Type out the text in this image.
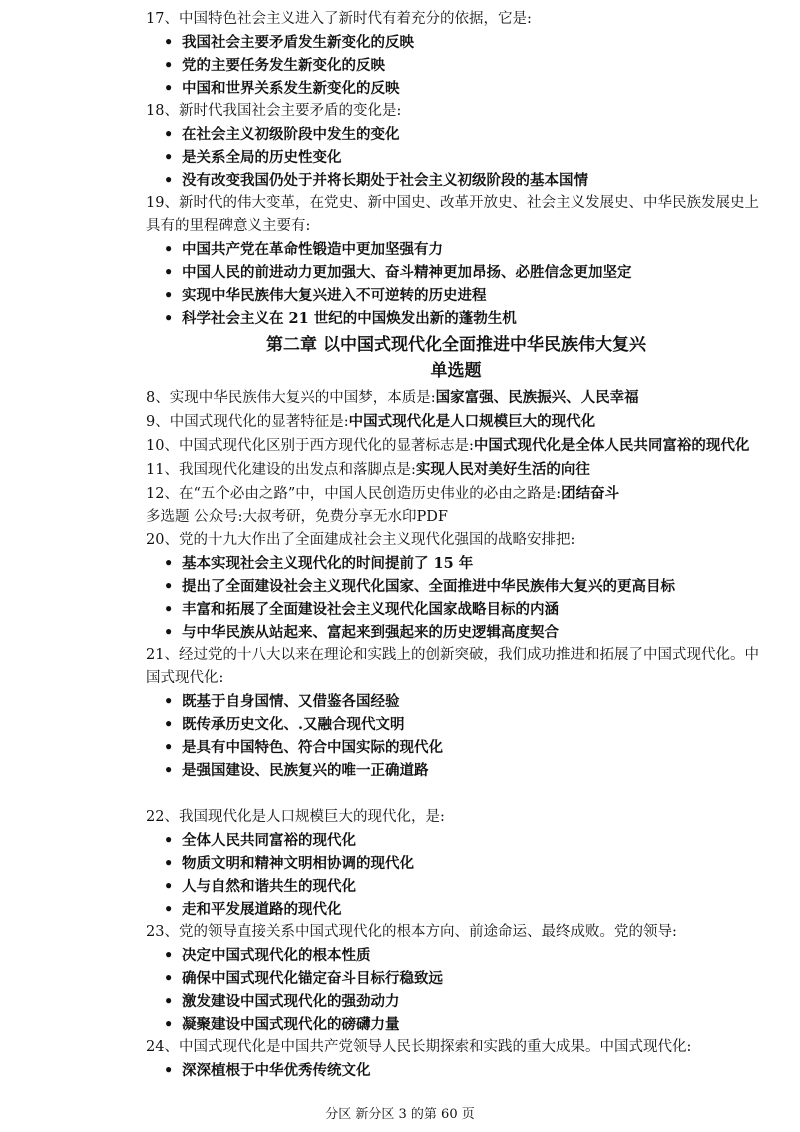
17、中国特色社会主义进入了新时代有着充分的依据，它是:

• 我国社会主要矛盾发生新变化的反映
• 党的主要任务发生新变化的反映
• 中国和世界关系发生新变化的反映

18、新时代我国社会主要矛盾的变化是:

• 在社会主义初级阶段中发生的变化
• 是关系全局的历史性变化
• 没有改变我国仍处于并将长期处于社会主义初级阶段的基本国情

19、新时代的伟大变革，在党史、新中国史、改革开放史、社会主义发展史、中华民族发展史上具有的里程碑意义主要有:

• 中国共产党在革命性锻造中更加坚强有力
• 中国人民的前进动力更加强大、奋斗精神更加昂扬、必胜信念更加坚定
• 实现中华民族伟大复兴进入不可逆转的历史进程
• 科学社会主义在 21 世纪的中国焕发出新的蓬勃生机
第二章 以中国式现代化全面推进中华民族伟大复兴
单选题

8、实现中华民族伟大复兴的中国梦，本质是:国家富强、民族振兴、人民幸福

9、中国式现代化的显著特征是:中国式现代化是人口规模巨大的现代化

10、中国式现代化区别于西方现代化的显著标志是:中国式现代化是全体人民共同富裕的现代化11、我国现代化建设的出发点和落脚点是:实现人民对美好生活的向往

12、在“五个必由之路”中，中国人民创造历史伟业的必由之路是:团结奋斗

多选题 公众号:大叔考研，免费分享无水印PDF

20、党的十九大作出了全面建成社会主义现代化强国的战略安排把:

• 基本实现社会主义现代化的时间提前了 15 年
• 提出了全面建设社会主义现代化国家、全面推进中华民族伟大复兴的更高目标
• 丰富和拓展了全面建设社会主义现代化国家战略目标的内涵
• 与中华民族从站起来、富起来到强起来的历史逻辑高度契合

21、经过党的十八大以来在理论和实践上的创新突破，我们成功推进和拓展了中国式现代化。中国式现代化:

• 既基于自身国情、又借鉴各国经验
• 既传承历史文化、.又融合现代文明
• 是具有中国特色、符合中国实际的现代化
• 是强国建设、民族复兴的唯一正确道路

22、我国现代化是人口规模巨大的现代化，是:

• 全体人民共同富裕的现代化
• 物质文明和精神文明相协调的现代化
• 人与自然和谐共生的现代化
• 走和平发展道路的现代化

23、党的领导直接关系中国式现代化的根本方向、前途命运、最终成败。党的领导:

• 决定中国式现代化的根本性质
• 确保中国式现代化锚定奋斗目标行稳致远
• 激发建设中国式现代化的强劲动力
• 凝聚建设中国式现代化的磅礴力量

24、中国式现代化是中国共产党领导人民长期探索和实践的重大成果。中国式现代化:

• 深深植根于中华优秀传统文化
分区 新分区 3 的第 60 页
